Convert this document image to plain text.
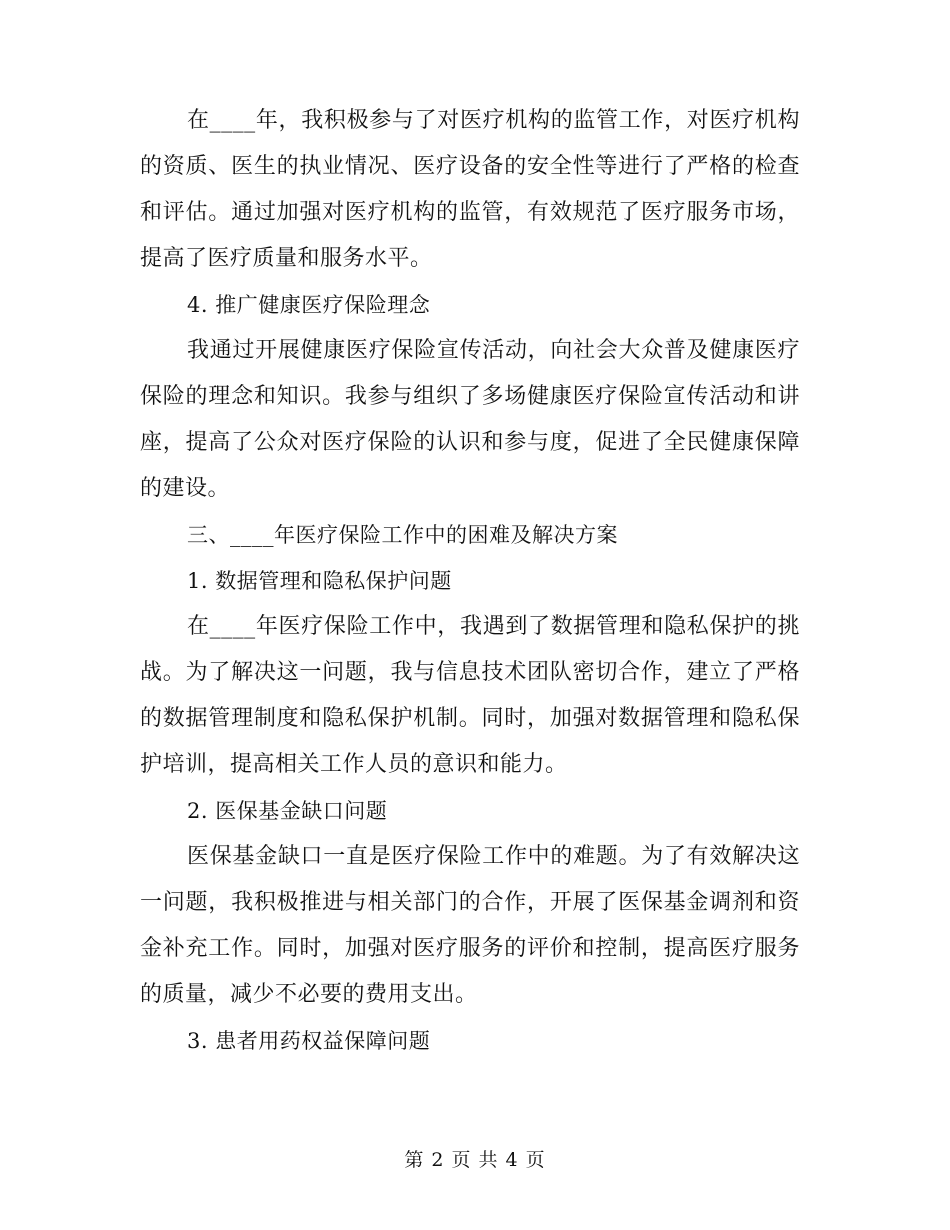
在____年，我积极参与了对医疗机构的监管工作，对医疗机构的资质、医生的执业情况、医疗设备的安全性等进行了严格的检查和评估。通过加强对医疗机构的监管，有效规范了医疗服务市场，提高了医疗质量和服务水平。

4. 推广健康医疗保险理念

我通过开展健康医疗保险宣传活动，向社会大众普及健康医疗保险的理念和知识。我参与组织了多场健康医疗保险宣传活动和讲座，提高了公众对医疗保险的认识和参与度，促进了全民健康保障的建设。

三、____年医疗保险工作中的困难及解决方案

1. 数据管理和隐私保护问题

在____年医疗保险工作中，我遇到了数据管理和隐私保护的挑战。为了解决这一问题，我与信息技术团队密切合作，建立了严格的数据管理制度和隐私保护机制。同时，加强对数据管理和隐私保护培训，提高相关工作人员的意识和能力。

2. 医保基金缺口问题

医保基金缺口一直是医疗保险工作中的难题。为了有效解决这一问题，我积极推进与相关部门的合作，开展了医保基金调剂和资金补充工作。同时，加强对医疗服务的评价和控制，提高医疗服务的质量，减少不必要的费用支出。

3. 患者用药权益保障问题

第 2 页 共 4 页
